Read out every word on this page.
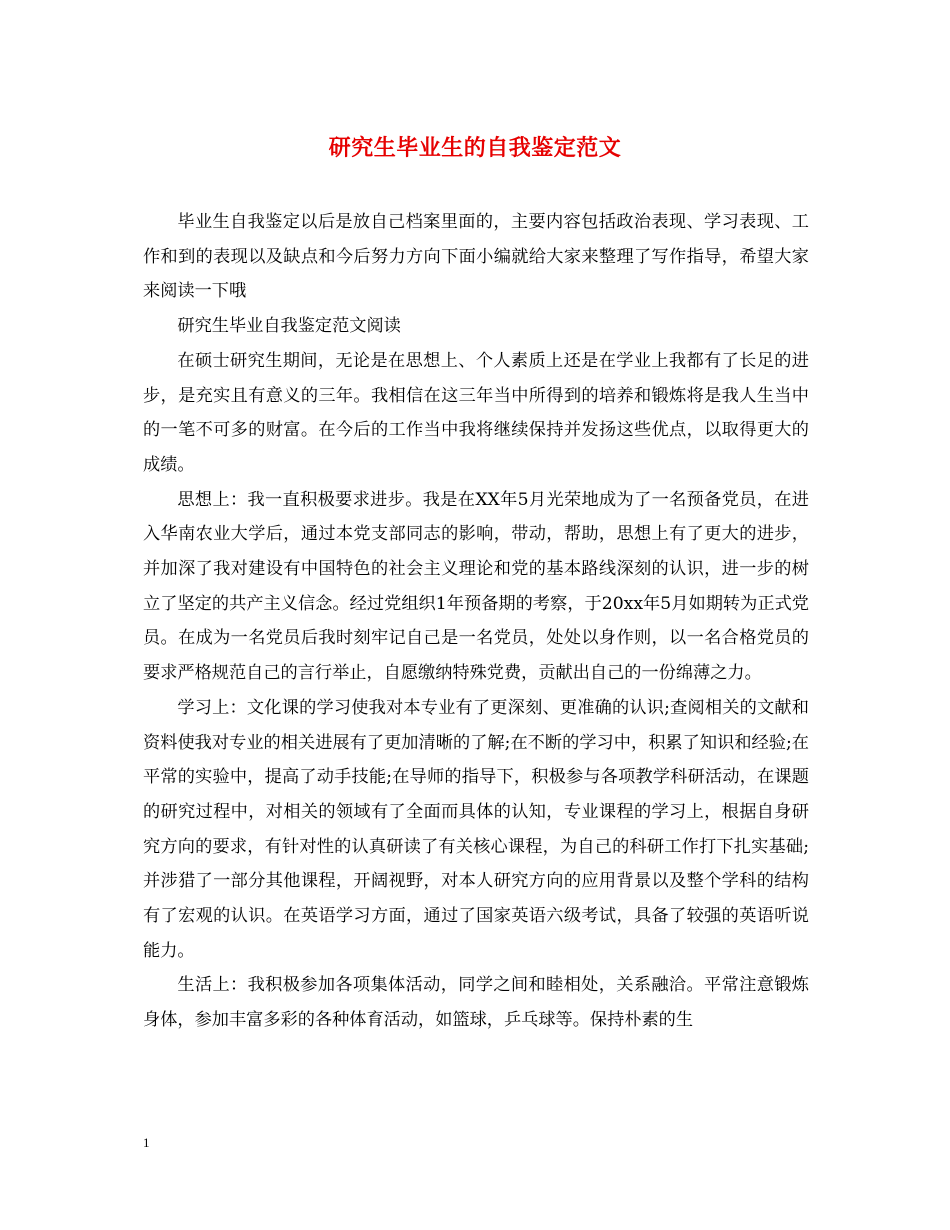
研究生毕业生的自我鉴定范文

毕业生自我鉴定以后是放自己档案里面的，主要内容包括政治表现、学习表现、工作和到的表现以及缺点和今后努力方向下面小编就给大家来整理了写作指导，希望大家来阅读一下哦

研究生毕业自我鉴定范文阅读

在硕士研究生期间，无论是在思想上、个人素质上还是在学业上我都有了长足的进步，是充实且有意义的三年。我相信在这三年当中所得到的培养和锻炼将是我人生当中的一笔不可多的财富。在今后的工作当中我将继续保持并发扬这些优点，以取得更大的成绩。

思想上：我一直积极要求进步。我是在XX年5月光荣地成为了一名预备党员，在进入华南农业大学后，通过本党支部同志的影响，带动，帮助，思想上有了更大的进步，并加深了我对建设有中国特色的社会主义理论和党的基本路线深刻的认识，进一步的树立了坚定的共产主义信念。经过党组织1年预备期的考察，于20xx年5月如期转为正式党员。在成为一名党员后我时刻牢记自己是一名党员，处处以身作则，以一名合格党员的要求严格规范自己的言行举止，自愿缴纳特殊党费，贡献出自己的一份绵薄之力。

学习上：文化课的学习使我对本专业有了更深刻、更准确的认识;查阅相关的文献和资料使我对专业的相关进展有了更加清晰的了解;在不断的学习中，积累了知识和经验;在平常的实验中，提高了动手技能;在导师的指导下，积极参与各项教学科研活动，在课题的研究过程中，对相关的领域有了全面而具体的认知，专业课程的学习上，根据自身研究方向的要求，有针对性的认真研读了有关核心课程，为自己的科研工作打下扎实基础;并涉猎了一部分其他课程，开阔视野，对本人研究方向的应用背景以及整个学科的结构有了宏观的认识。在英语学习方面，通过了国家英语六级考试，具备了较强的英语听说能力。

生活上：我积极参加各项集体活动，同学之间和睦相处，关系融洽。平常注意锻炼身体，参加丰富多彩的各种体育活动，如篮球，乒乓球等。保持朴素的生

1
